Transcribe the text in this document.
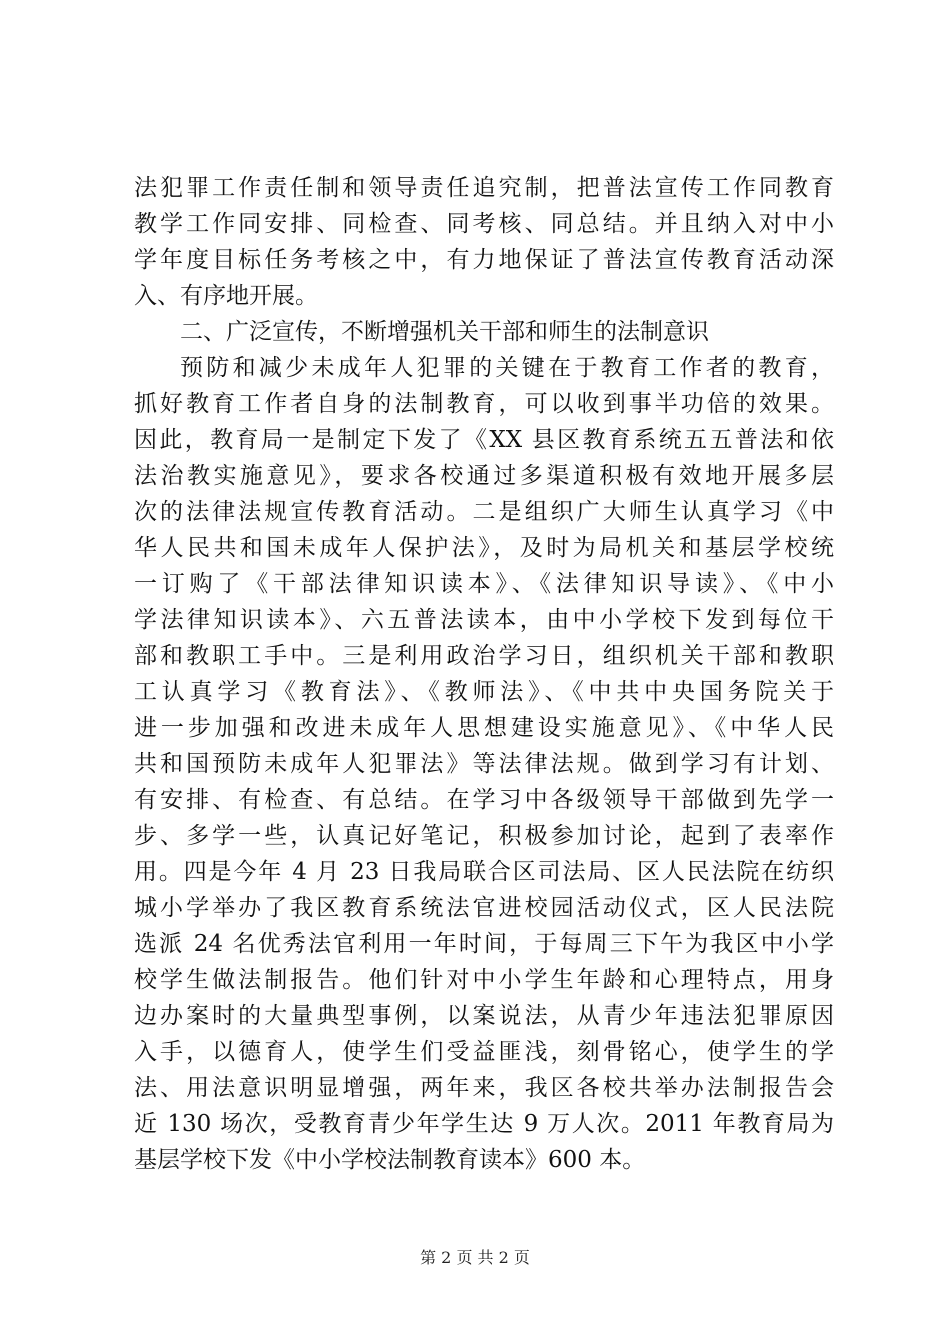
法犯罪工作责任制和领导责任追究制，把普法宣传工作同教育
教学工作同安排、同检查、同考核、同总结。并且纳入对中小
学年度目标任务考核之中，有力地保证了普法宣传教育活动深
入、有序地开展。
二、广泛宣传，不断增强机关干部和师生的法制意识
预防和减少未成年人犯罪的关键在于教育工作者的教育，
抓好教育工作者自身的法制教育，可以收到事半功倍的效果。
因此，教育局一是制定下发了《XX 县区教育系统五五普法和依
法治教实施意见》，要求各校通过多渠道积极有效地开展多层
次的法律法规宣传教育活动。二是组织广大师生认真学习《中
华人民共和国未成年人保护法》，及时为局机关和基层学校统
一订购了《干部法律知识读本》、《法律知识导读》、《中小
学法律知识读本》、六五普法读本，由中小学校下发到每位干
部和教职工手中。三是利用政治学习日，组织机关干部和教职
工认真学习《教育法》、《教师法》、《中共中央国务院关于
进一步加强和改进未成年人思想建设实施意见》、《中华人民
共和国预防未成年人犯罪法》等法律法规。做到学习有计划、
有安排、有检查、有总结。在学习中各级领导干部做到先学一
步、多学一些，认真记好笔记，积极参加讨论，起到了表率作
用。四是今年 4 月 23 日我局联合区司法局、区人民法院在纺织
城小学举办了我区教育系统法官进校园活动仪式，区人民法院
选派 24 名优秀法官利用一年时间，于每周三下午为我区中小学
校学生做法制报告。他们针对中小学生年龄和心理特点，用身
边办案时的大量典型事例，以案说法，从青少年违法犯罪原因
入手，以德育人，使学生们受益匪浅，刻骨铭心，使学生的学
法、用法意识明显增强，两年来，我区各校共举办法制报告会
近 130 场次，受教育青少年学生达 9 万人次。2011 年教育局为
基层学校下发《中小学校法制教育读本》600 本。
第 2 页 共 2 页
